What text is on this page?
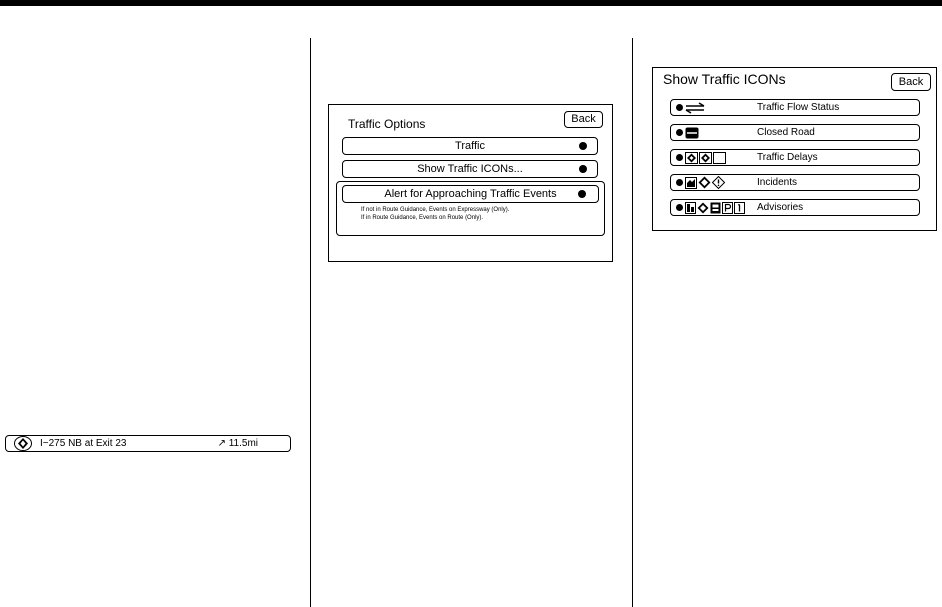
I−275 NB at Exit 23	↗ 11.5mi
Traffic Options	Back
Traffic
Show Traffic ICONs...
Alert for Approaching Traffic Events
If not in Route Guidance, Events on Expressway (Only).
If in Route Guidance, Events on Route (Only).
Show Traffic ICONs	Back
Traffic Flow Status
Closed Road
Traffic Delays
Incidents
Advisories
